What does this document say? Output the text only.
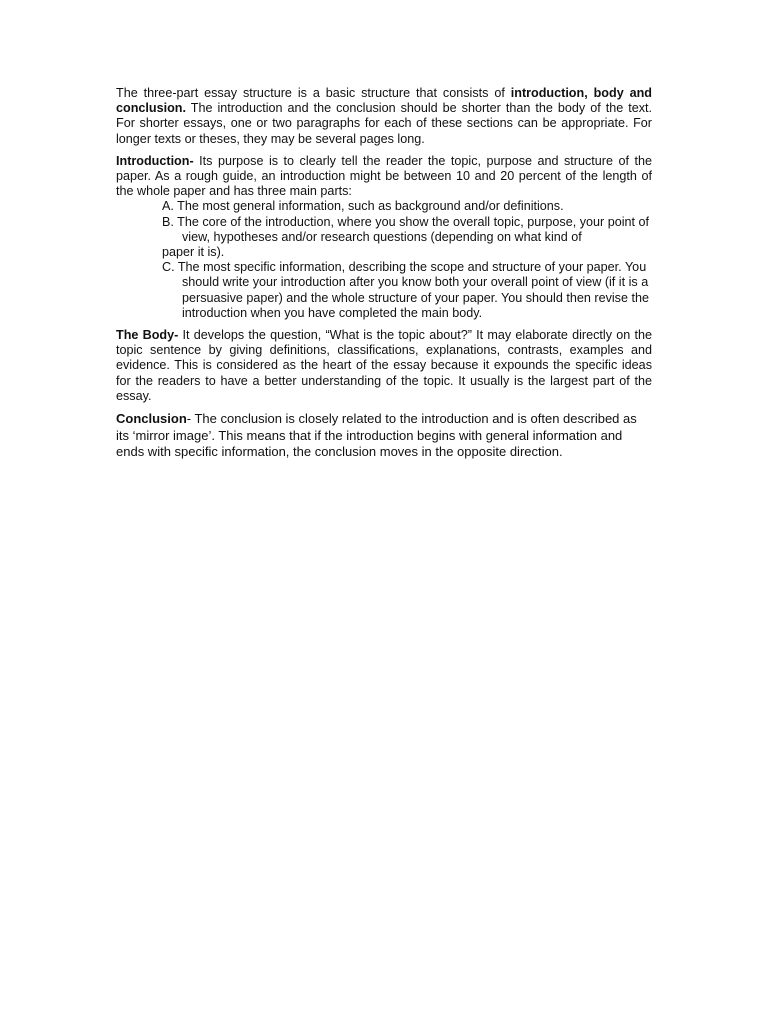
The three-part essay structure is a basic structure that consists of introduction, body and conclusion. The introduction and the conclusion should be shorter than the body of the text. For shorter essays, one or two paragraphs for each of these sections can be appropriate. For longer texts or theses, they may be several pages long.

Introduction- Its purpose is to clearly tell the reader the topic, purpose and structure of the paper. As a rough guide, an introduction might be between 10 and 20 percent of the length of the whole paper and has three main parts:

A. The most general information, such as background and/or definitions.

B. The core of the introduction, where you show the overall topic, purpose, your point of

view, hypotheses and/or research questions (depending on what kind of

paper it is).

C. The most specific information, describing the scope and structure of your paper. You

should write your introduction after you know both your overall point of view (if it is a

persuasive paper) and the whole structure of your paper. You should then revise the

introduction when you have completed the main body.

The Body- It develops the question, “What is the topic about?” It may elaborate directly on the topic sentence by giving definitions, classifications, explanations, contrasts, examples and evidence. This is considered as the heart of the essay because it expounds the specific ideas for the readers to have a better understanding of the topic. It usually is the largest part of the essay.

Conclusion- The conclusion is closely related to the introduction and is often described as its ‘mirror image’. This means that if the introduction begins with general information and ends with specific information, the conclusion moves in the opposite direction.
